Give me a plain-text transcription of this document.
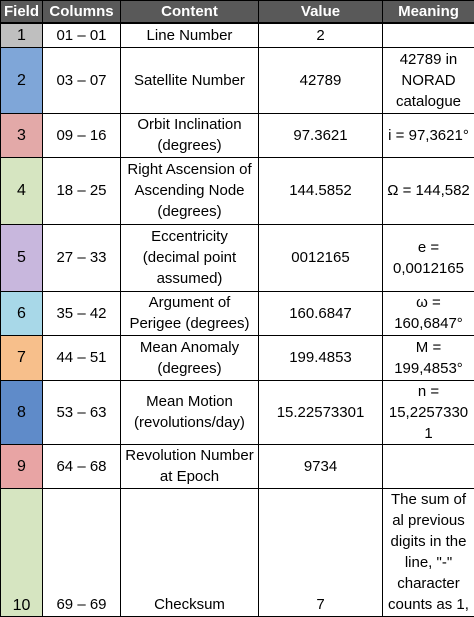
Field	Columns	Content	Value	Meaning
1	01 – 01	Line Number	2	
2	03 – 07	Satellite Number	42789	42789 in NORAD catalogue
3	09 – 16	Orbit Inclination (degrees)	97.3621	i = 97,3621°
4	18 – 25	Right Ascension of Ascending Node (degrees)	144.5852	Ω = 144,582
5	27 – 33	Eccentricity (decimal point assumed)	0012165	e = 0,0012165
6	35 – 42	Argument of Perigee (degrees)	160.6847	ω = 160,6847°
7	44 – 51	Mean Anomaly (degrees)	199.4853	M = 199,4853°
8	53 – 63	Mean Motion (revolutions/day)	15.22573301	n = 15,22573301
9	64 – 68	Revolution Number at Epoch	9734	
10	69 – 69	Checksum	7	The sum of al previous digits in the line, "-" character counts as 1,
